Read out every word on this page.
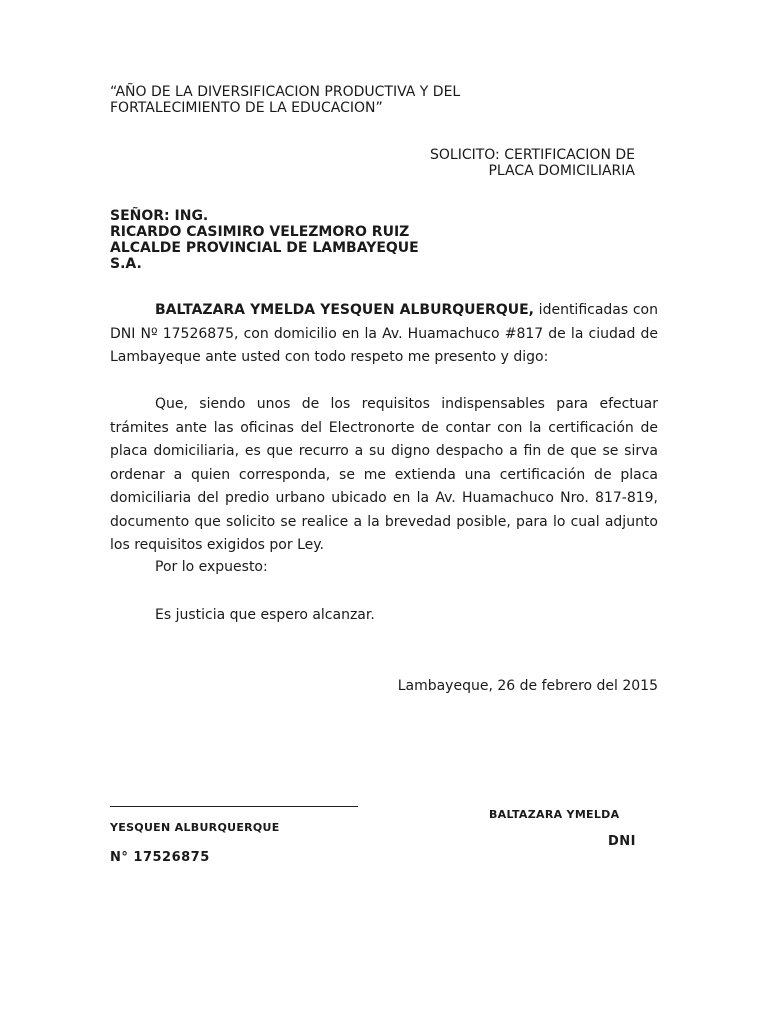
“AÑO DE LA DIVERSIFICACION PRODUCTIVA Y DEL
FORTALECIMIENTO DE LA EDUCACION”
SOLICITO: CERTIFICACION DE
PLACA DOMICILIARIA
SEÑOR: ING.
RICARDO CASIMIRO VELEZMORO RUIZ
ALCALDE PROVINCIAL DE LAMBAYEQUE
S.A.

BALTAZARA YMELDA YESQUEN ALBURQUERQUE, identificadas con DNI Nº 17526875, con domicilio en la Av. Huamachuco #817 de la ciudad de Lambayeque ante usted con todo respeto me presento y digo:

Que, siendo unos de los requisitos indispensables para efectuar trámites ante las oficinas del Electronorte de contar con la certificación de placa domiciliaria, es que recurro a su digno despacho a fin de que se sirva ordenar a quien corresponda, se me extienda una certificación de placa domiciliaria del predio urbano ubicado en la Av. Huamachuco Nro. 817-819, documento que solicito se realice a la brevedad posible, para lo cual adjunto los requisitos exigidos por Ley.

Por lo expuesto:

Es justicia que espero alcanzar.

Lambayeque, 26 de febrero del 2015

BALTAZARA YMELDA
YESQUEN ALBURQUERQUE
DNI
N° 17526875
